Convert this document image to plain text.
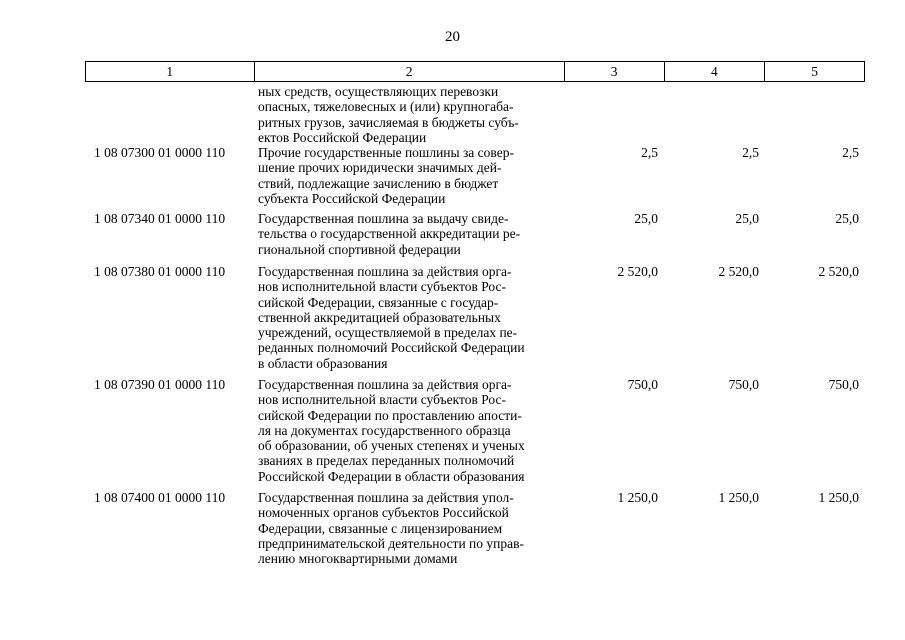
20
1	2	3	4	5
ных средств, осуществляющих перевозки
опасных, тяжеловесных и (или) крупногаба-
ритных грузов, зачисляемая в бюджеты субъ-
ектов Российской Федерации
1 08 07300 01 0000 110	Прочие государственные пошлины за совер-
шение прочих юридически значимых дей-
ствий, подлежащие зачислению в бюджет
субъекта Российской Федерации
2,5	2,5	2,5
1 08 07340 01 0000 110	Государственная пошлина за выдачу свиде-
тельства о государственной аккредитации ре-
гиональной спортивной федерации
25,0	25,0	25,0
1 08 07380 01 0000 110	Государственная пошлина за действия орга-
нов исполнительной власти субъектов Рос-
сийской Федерации, связанные с государ-
ственной аккредитацией образовательных
учреждений, осуществляемой в пределах пе-
реданных полномочий Российской Федерации
в области образования
2 520,0	2 520,0	2 520,0
1 08 07390 01 0000 110	Государственная пошлина за действия орга-
нов исполнительной власти субъектов Рос-
сийской Федерации по проставлению апости-
ля на документах государственного образца
об образовании, об ученых степенях и ученых
званиях в пределах переданных полномочий
Российской Федерации в области образования
750,0	750,0	750,0
1 08 07400 01 0000 110	Государственная пошлина за действия упол-
номоченных органов субъектов Российской
Федерации, связанные с лицензированием
предпринимательской деятельности по управ-
лению многоквартирными домами
1 250,0	1 250,0	1 250,0
